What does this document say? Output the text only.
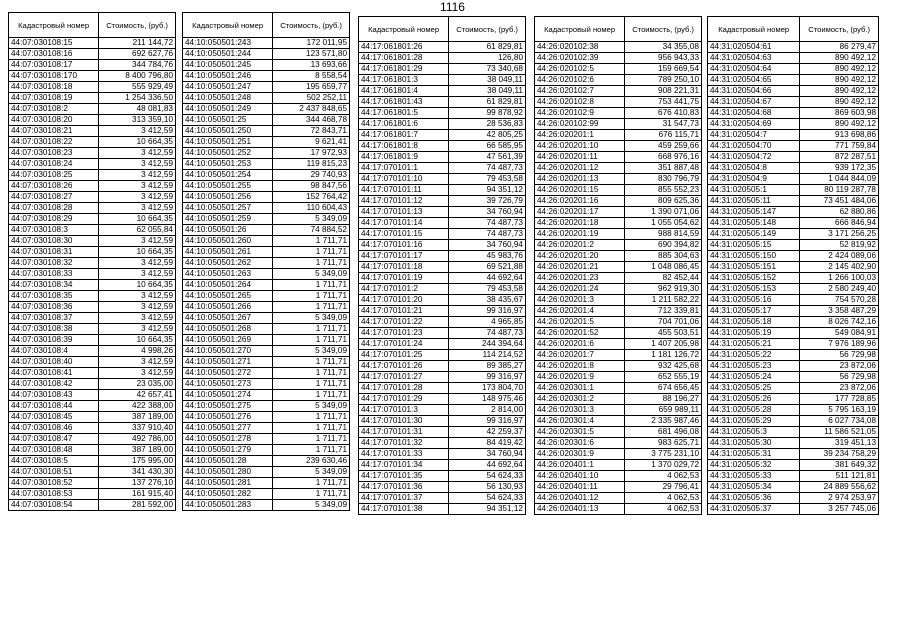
1116
Кадастровый номер	Стоимость, (руб.)
44:07:030108:15	211 144,72
44:07:030108:16	692 627,76
44:07:030108:17	344 784,76
44:07:030108:170	8 400 796,80
44:07:030108:18	555 929,49
44:07:030108:19	1 254 336,50
44:07:030108:2	48 081,83
44:07:030108:20	313 359,10
44:07:030108:21	3 412,59
44:07:030108:22	10 664,35
44:07:030108:23	3 412,59
44:07:030108:24	3 412,59
44:07:030108:25	3 412,59
44:07:030108:26	3 412,59
44:07:030108:27	3 412,59
44:07:030108:28	3 412,59
44:07:030108:29	10 664,35
44:07:030108:3	62 055,84
44:07:030108:30	3 412,59
44:07:030108:31	10 664,35
44:07:030108:32	3 412,59
44:07:030108:33	3 412,59
44:07:030108:34	10 664,35
44:07:030108:35	3 412,59
44:07:030108:36	3 412,59
44:07:030108:37	3 412,59
44:07:030108:38	3 412,59
44:07:030108:39	10 664,35
44:07:030108:4	4 998,26
44:07:030108:40	3 412,59
44:07:030108:41	3 412,59
44:07:030108:42	23 035,00
44:07:030108:43	42 657,41
44:07:030108:44	422 388,00
44:07:030108:45	387 189,00
44:07:030108:46	337 910,40
44:07:030108:47	492 786,00
44:07:030108:48	387 189,00
44:07:030108:5	175 995,00
44:07:030108:51	341 430,30
44:07:030108:52	137 276,10
44:07:030108:53	161 915,40
44:07:030108:54	281 592,00
Кадастровый номер	Стоимость, (руб.)
44:10:050501:243	172 011,95
44:10:050501:244	123 571,80
44:10:050501:245	13 693,66
44:10:050501:246	8 558,54
44:10:050501:247	195 659,77
44:10:050501:248	502 252,11
44:10:050501:249	2 437 848,65
44:10:050501:25	344 468,78
44:10:050501:250	72 843,71
44:10:050501:251	9 621,41
44:10:050501:252	17 972,93
44:10:050501:253	119 815,23
44:10:050501:254	29 740,93
44:10:050501:255	98 847,56
44:10:050501:256	152 764,42
44:10:050501:257	110 604,43
44:10:050501:259	5 349,09
44:10:050501:26	74 884,52
44:10:050501:260	1 711,71
44:10:050501:261	1 711,71
44:10:050501:262	1 711,71
44:10:050501:263	5 349,09
44:10:050501:264	1 711,71
44:10:050501:265	1 711,71
44:10:050501:266	1 711,71
44:10:050501:267	5 349,09
44:10:050501:268	1 711,71
44:10:050501:269	1 711,71
44:10:050501:270	5 349,09
44:10:050501:271	1 711,71
44:10:050501:272	1 711,71
44:10:050501:273	1 711,71
44:10:050501:274	1 711,71
44:10:050501:275	5 349,09
44:10:050501:276	1 711,71
44:10:050501:277	1 711,71
44:10:050501:278	1 711,71
44:10:050501:279	1 711,71
44:10:050501:28	239 630,46
44:10:050501:280	5 349,09
44:10:050501:281	1 711,71
44:10:050501:282	1 711,71
44:10:050501:283	5 349,09
Кадастровый номер	Стоимость, (руб.)
44:17:061801:26	61 829,81
44:17:061801:28	126,80
44:17:061801:29	73 340,68
44:17:061801:3	38 049,11
44:17:061801:4	38 049,11
44:17:061801:43	61 829,81
44:17:061801:5	99 878,92
44:17:061801:6	28 536,83
44:17:061801:7	42 805,25
44:17:061801:8	66 585,95
44:17:061801:9	47 561,39
44:17:070101:1	74 487,73
44:17:070101:10	79 453,58
44:17:070101:11	94 351,12
44:17:070101:12	39 726,79
44:17:070101:13	34 760,94
44:17:070101:14	74 487,73
44:17:070101:15	74 487,73
44:17:070101:16	34 760,94
44:17:070101:17	45 983,76
44:17:070101:18	69 521,88
44:17:070101:19	44 692,64
44:17:070101:2	79 453,58
44:17:070101:20	38 435,67
44:17:070101:21	99 316,97
44:17:070101:22	4 965,85
44:17:070101:23	74 487,73
44:17:070101:24	244 394,64
44:17:070101:25	114 214,52
44:17:070101:26	89 385,27
44:17:070101:27	99 316,97
44:17:070101:28	173 804,70
44:17:070101:29	148 975,46
44:17:070101:3	2 814,00
44:17:070101:30	99 316,97
44:17:070101:31	42 259,37
44:17:070101:32	84 419,42
44:17:070101:33	34 760,94
44:17:070101:34	44 692,64
44:17:070101:35	54 624,33
44:17:070101:36	56 130,93
44:17:070101:37	54 624,33
44:17:070101:38	94 351,12
Кадастровый номер	Стоимость, (руб.)
44:26:020102:38	34 355,08
44:26:020102:39	956 943,33
44:26:020102:5	159 669,54
44:26:020102:6	789 250,10
44:26:020102:7	908 221,31
44:26:020102:8	753 441,75
44:26:020102:9	676 410,83
44:26:020102:99	31 547,73
44:26:020201:1	676 115,71
44:26:020201:10	459 259,66
44:26:020201:11	668 976,16
44:26:020201:12	351 887,48
44:26:020201:13	830 796,79
44:26:020201:15	855 552,23
44:26:020201:16	809 625,36
44:26:020201:17	1 390 071,06
44:26:020201:18	1 055 054,62
44:26:020201:19	988 814,59
44:26:020201:2	690 394,82
44:26:020201:20	885 304,63
44:26:020201:21	1 048 086,45
44:26:020201:23	82 452,44
44:26:020201:24	962 919,30
44:26:020201:3	1 211 582,22
44:26:020201:4	712 339,81
44:26:020201:5	704 701,06
44:26:020201:52	455 503,51
44:26:020201:6	1 407 205,98
44:26:020201:7	1 181 126,72
44:26:020201:8	932 425,68
44:26:020201:9	652 555,19
44:26:020301:1	674 656,45
44:26:020301:2	88 196,27
44:26:020301:3	659 989,11
44:26:020301:4	2 335 987,46
44:26:020301:5	681 496,08
44:26:020301:6	983 625,71
44:26:020301:9	3 775 231,10
44:26:020401:1	1 370 029,72
44:26:020401:10	4 062,53
44:26:020401:11	29 796,41
44:26:020401:12	4 062,53
44:26:020401:13	4 062,53
Кадастровый номер	Стоимость, (руб.)
44:31:020504:61	86 279,47
44:31:020504:63	890 492,12
44:31:020504:64	890 492,12
44:31:020504:65	890 492,12
44:31:020504:66	890 492,12
44:31:020504:67	890 492,12
44:31:020504:68	869 603,98
44:31:020504:69	890 492,12
44:31:020504:7	913 698,86
44:31:020504:70	771 759,84
44:31:020504:72	872 287,51
44:31:020504:8	939 172,35
44:31:020504:9	1 044 844,09
44:31:020505:1	80 119 287,78
44:31:020505:11	73 451 484,06
44:31:020505:147	62 880,86
44:31:020505:148	666 846,94
44:31:020505:149	3 171 256,25
44:31:020505:15	52 819,92
44:31:020505:150	2 424 089,06
44:31:020505:151	2 145 402,90
44:31:020505:152	1 266 100,03
44:31:020505:153	2 580 249,40
44:31:020505:16	754 570,28
44:31:020505:17	3 358 487,29
44:31:020505:18	8 026 742,16
44:31:020505:19	549 084,91
44:31:020505:21	7 976 189,96
44:31:020505:22	56 729,98
44:31:020505:23	23 872,06
44:31:020505:24	56 729,98
44:31:020505:25	23 872,06
44:31:020505:26	177 728,85
44:31:020505:28	5 795 163,19
44:31:020505:29	6 027 734,08
44:31:020505:3	11 586 521,05
44:31:020505:30	319 451,13
44:31:020505:31	39 234 758,29
44:31:020505:32	381 649,32
44:31:020505:33	511 121,81
44:31:020505:34	24 889 556,62
44:31:020505:36	2 974 253,97
44:31:020505:37	3 257 745,06
